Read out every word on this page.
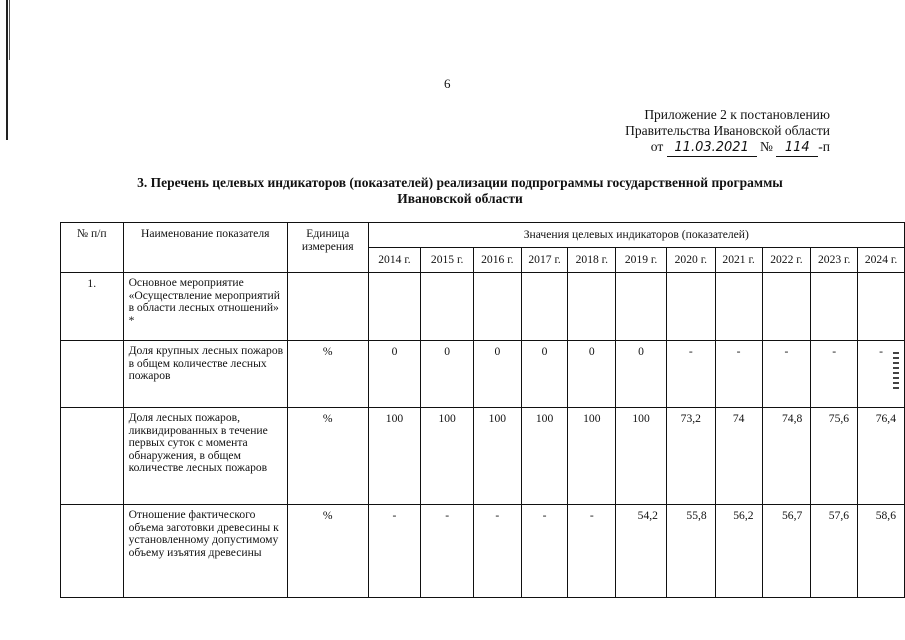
6
Приложение 2 к постановлению
Правительства Ивановской области
от 11.03.2021 № 114 -п
3. Перечень целевых индикаторов (показателей) реализации подпрограммы государственной программы
Ивановской области
№ п/п	Наименование показателя	Единица измерения	Значения целевых индикаторов (показателей)										
			2014 г.	2015 г.	2016 г.	2017 г.	2018 г.	2019 г.	2020 г.	2021 г.	2022 г.	2023 г.	2024 г.
1.	Основное мероприятие «Осуществление мероприятий в области лесных отношений» *												
	Доля крупных лесных пожаров в общем количестве лесных пожаров	%	0	0	0	0	0	0	-	-	-	-	-
	Доля лесных пожаров, ликвидированных в течение первых суток с момента обнаружения, в общем количестве лесных пожаров	%	100	100	100	100	100	100	73,2	74	74,8	75,6	76,4
	Отношение фактического объема заготовки древесины к установленному допустимому объему изъятия древесины	%	-	-	-	-	-	54,2	55,8	56,2	56,7	57,6	58,6
